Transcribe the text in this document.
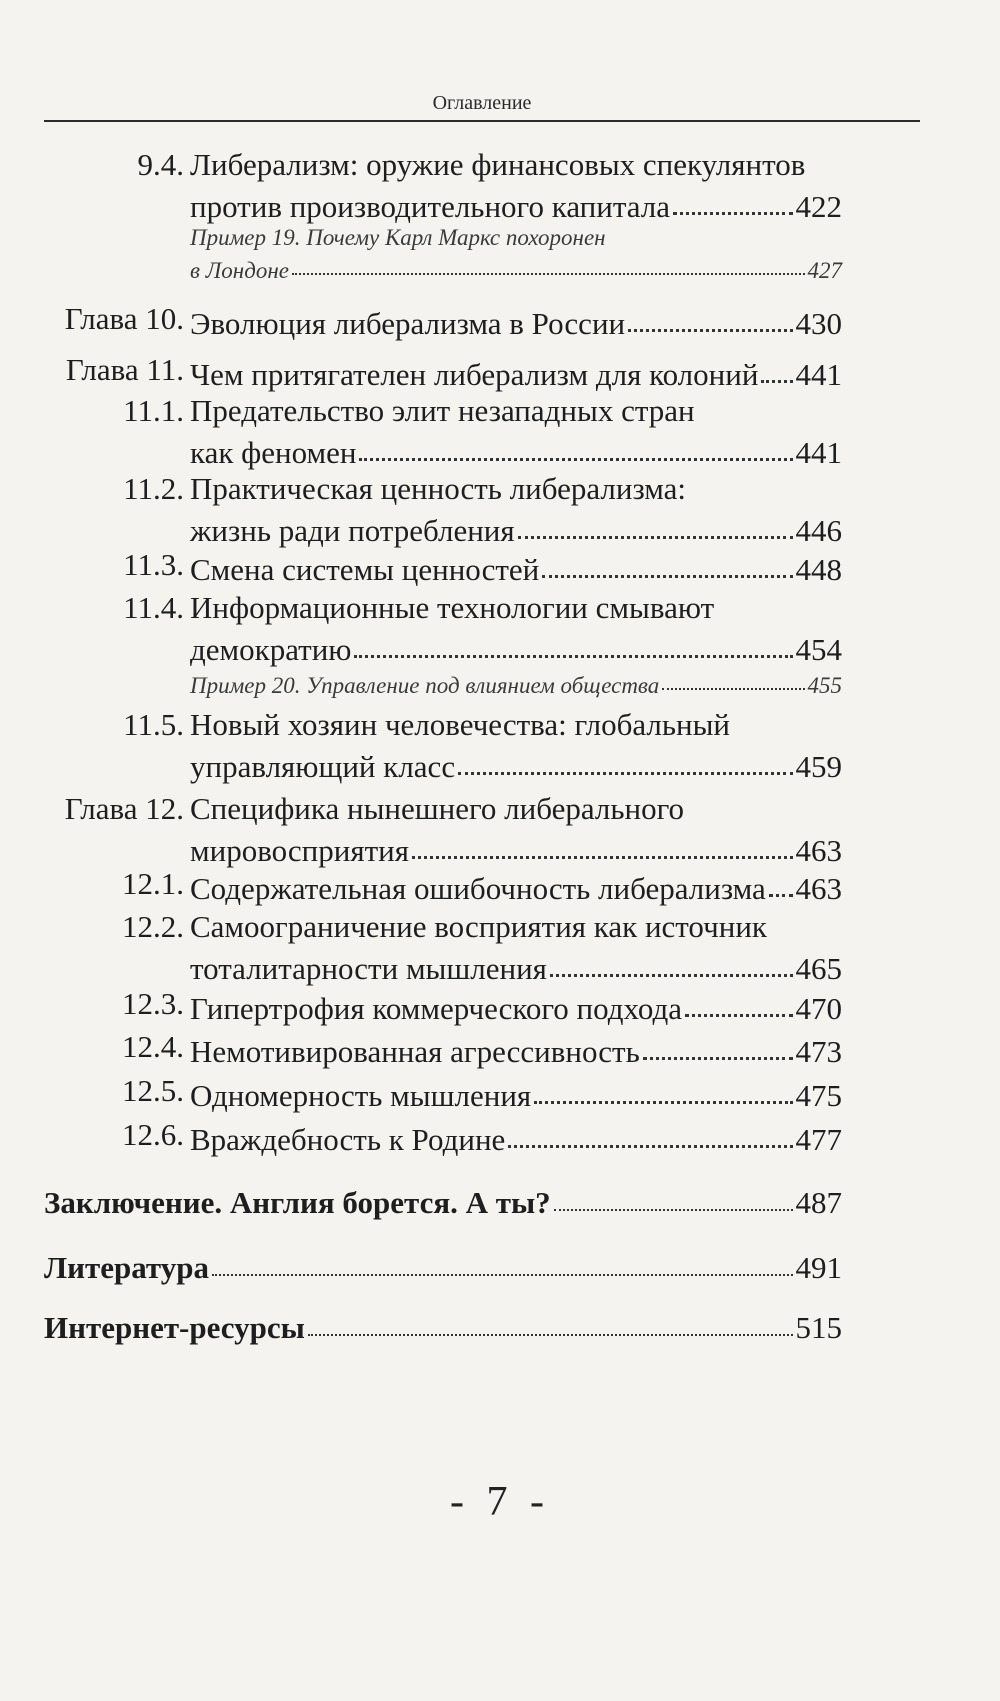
Оглавление
9.4. Либерализм: оружие финансовых спекулянтов
против производительного капитала	422
Пример 19. Почему Карл Маркс похоронен
в Лондоне	427
Глава 10. Эволюция либерализма в России	430
Глава 11. Чем притягателен либерализм для колоний 441
11.1. Предательство элит незападных стран
как феномен	441
11.2. Практическая ценность либерализма:
жизнь ради потребления	446
11.3. Смена системы ценностей	448
11.4. Информационные технологии смывают
демократию	454
Пример 20. Управление под влиянием общества	455
11.5. Новый хозяин человечества: глобальный
управляющий класс	459
Глава 12. Специфика нынешнего либерального
мировосприятия	463
12.1. Содержательная ошибочность либерализма 463
12.2. Самоограничение восприятия как источник
тоталитарности мышления	465
12.3. Гипертрофия коммерческого подхода	470
12.4. Немотивированная агрессивность	473
12.5. Одномерность мышления	475
12.6. Враждебность к Родине	477
Заключение. Англия борется. А ты?	487
Литература	491
Интернет-ресурсы	515
- 7 -
